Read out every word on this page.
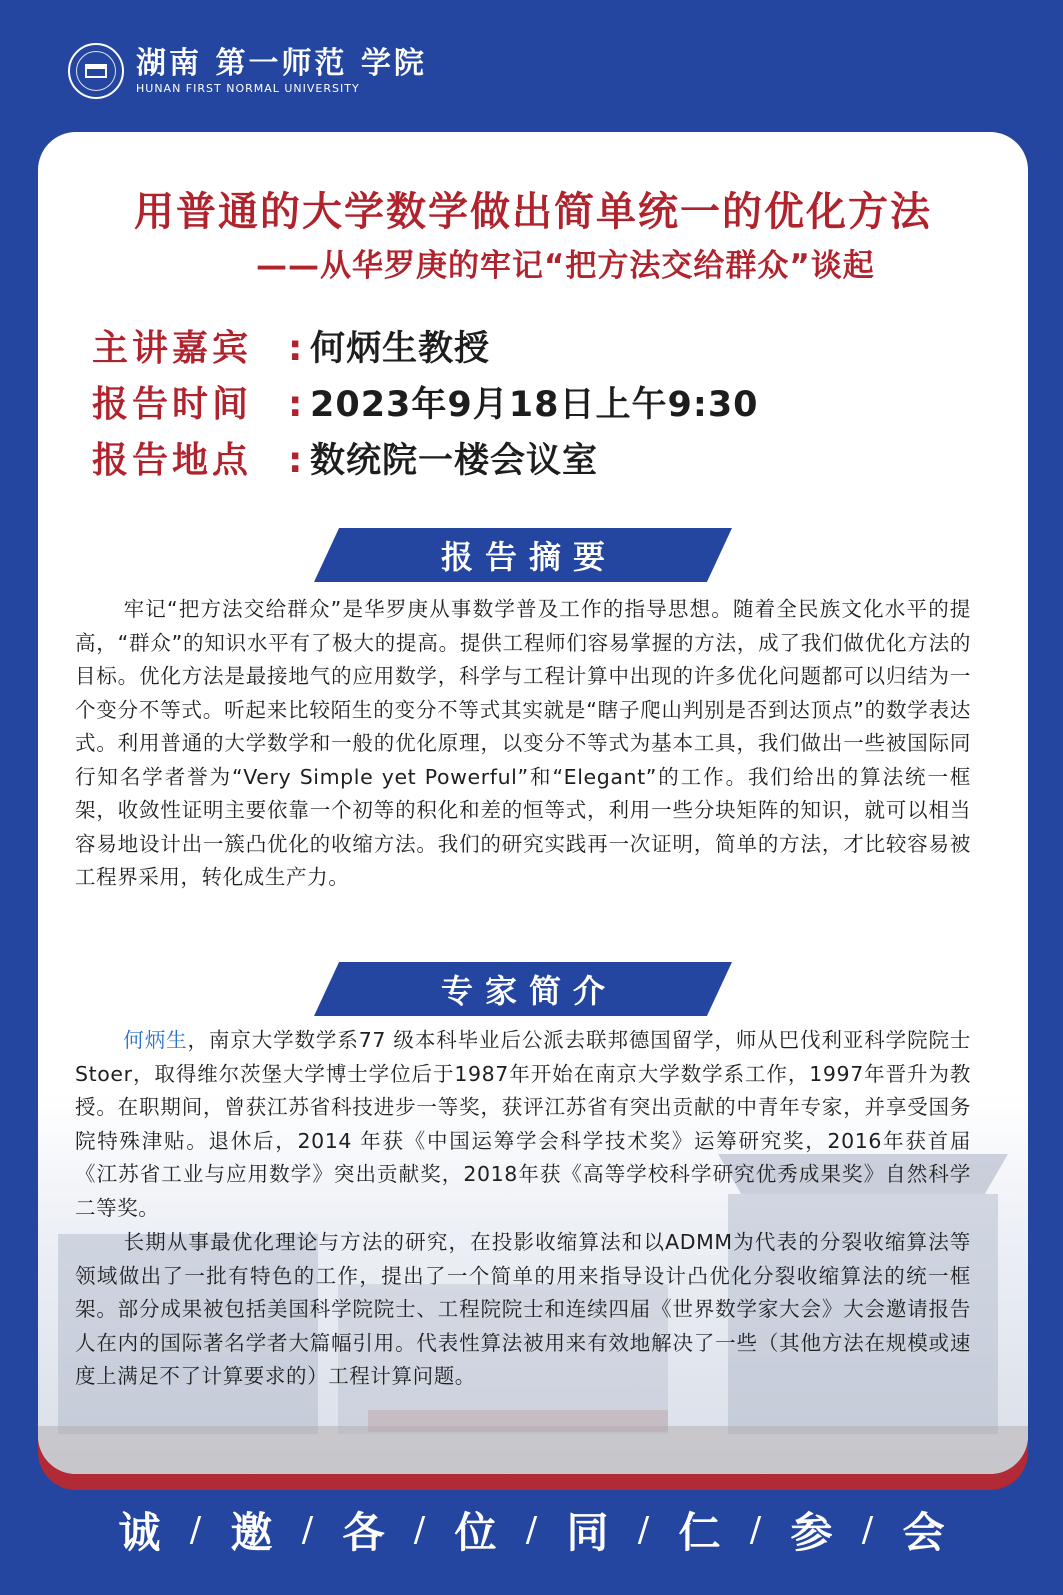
湖南 第一师范 学院
HUNAN FIRST NORMAL UNIVERSITY
用普通的大学数学做出简单统一的优化方法
——从华罗庚的牢记“把方法交给群众”谈起
主讲嘉宾 : 何炳生教授
报告时间 : 2023年9月18日上午9:30
报告地点 : 数统院一楼会议室
报告摘要
牢记“把方法交给群众”是华罗庚从事数学普及工作的指导思想。随着全民族文化水平的提高，“群众”的知识水平有了极大的提高。提供工程师们容易掌握的方法，成了我们做优化方法的目标。优化方法是最接地气的应用数学，科学与工程计算中出现的许多优化问题都可以归结为一个变分不等式。听起来比较陌生的变分不等式其实就是“瞎子爬山判别是否到达顶点”的数学表达式。利用普通的大学数学和一般的优化原理，以变分不等式为基本工具，我们做出一些被国际同行知名学者誉为“Very Simple yet Powerful”和“Elegant”的工作。我们给出的算法统一框架，收敛性证明主要依靠一个初等的积化和差的恒等式，利用一些分块矩阵的知识，就可以相当容易地设计出一簇凸优化的收缩方法。我们的研究实践再一次证明，简单的方法，才比较容易被工程界采用，转化成生产力。
专家简介
何炳生，南京大学数学系77 级本科毕业后公派去联邦德国留学，师从巴伐利亚科学院院士Stoer，取得维尔茨堡大学博士学位后于1987年开始在南京大学数学系工作，1997年晋升为教授。在职期间，曾获江苏省科技进步一等奖，获评江苏省有突出贡献的中青年专家，并享受国务院特殊津贴。退休后，2014 年获《中国运筹学会科学技术奖》运筹研究奖，2016年获首届《江苏省工业与应用数学》突出贡献奖，2018年获《高等学校科学研究优秀成果奖》自然科学二等奖。
长期从事最优化理论与方法的研究，在投影收缩算法和以ADMM为代表的分裂收缩算法等领域做出了一批有特色的工作，提出了一个简单的用来指导设计凸优化分裂收缩算法的统一框架。部分成果被包括美国科学院院士、工程院院士和连续四届《世界数学家大会》大会邀请报告人在内的国际著名学者大篇幅引用。代表性算法被用来有效地解决了一些（其他方法在规模或速度上满足不了计算要求的）工程计算问题。
诚 / 邀 / 各 / 位 / 同 / 仁 / 参 / 会
